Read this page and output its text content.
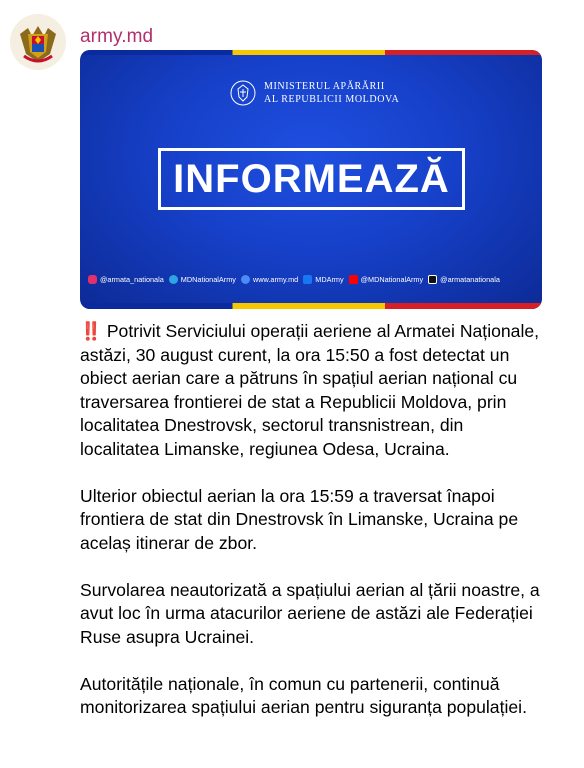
army.md
MINISTERUL APĂRĂRII
AL REPUBLICII MOLDOVA
INFORMEAZĂ
@armata_nationala MDNationalArmy www.army.md MDArmy @MDNationalArmy @armatanationala

‼️ Potrivit Serviciului operații aeriene al Armatei Naționale, astăzi, 30 august curent, la ora 15:50 a fost detectat un obiect aerian care a pătruns în spațiul aerian național cu traversarea frontierei de stat a Republicii Moldova, prin localitatea Dnestrovsk, sectorul transnistrean, din localitatea Limanske, regiunea Odesa, Ucraina.

Ulterior obiectul aerian la ora 15:59 a traversat înapoi frontiera de stat din Dnestrovsk în Limanske, Ucraina pe acelaș itinerar de zbor.

Survolarea neautorizată a spațiului aerian al țării noastre, a avut loc în urma atacurilor aeriene de astăzi ale Federației Ruse asupra Ucrainei.

Autoritățile naționale, în comun cu partenerii, continuă monitorizarea spațiului aerian pentru siguranța populației.
